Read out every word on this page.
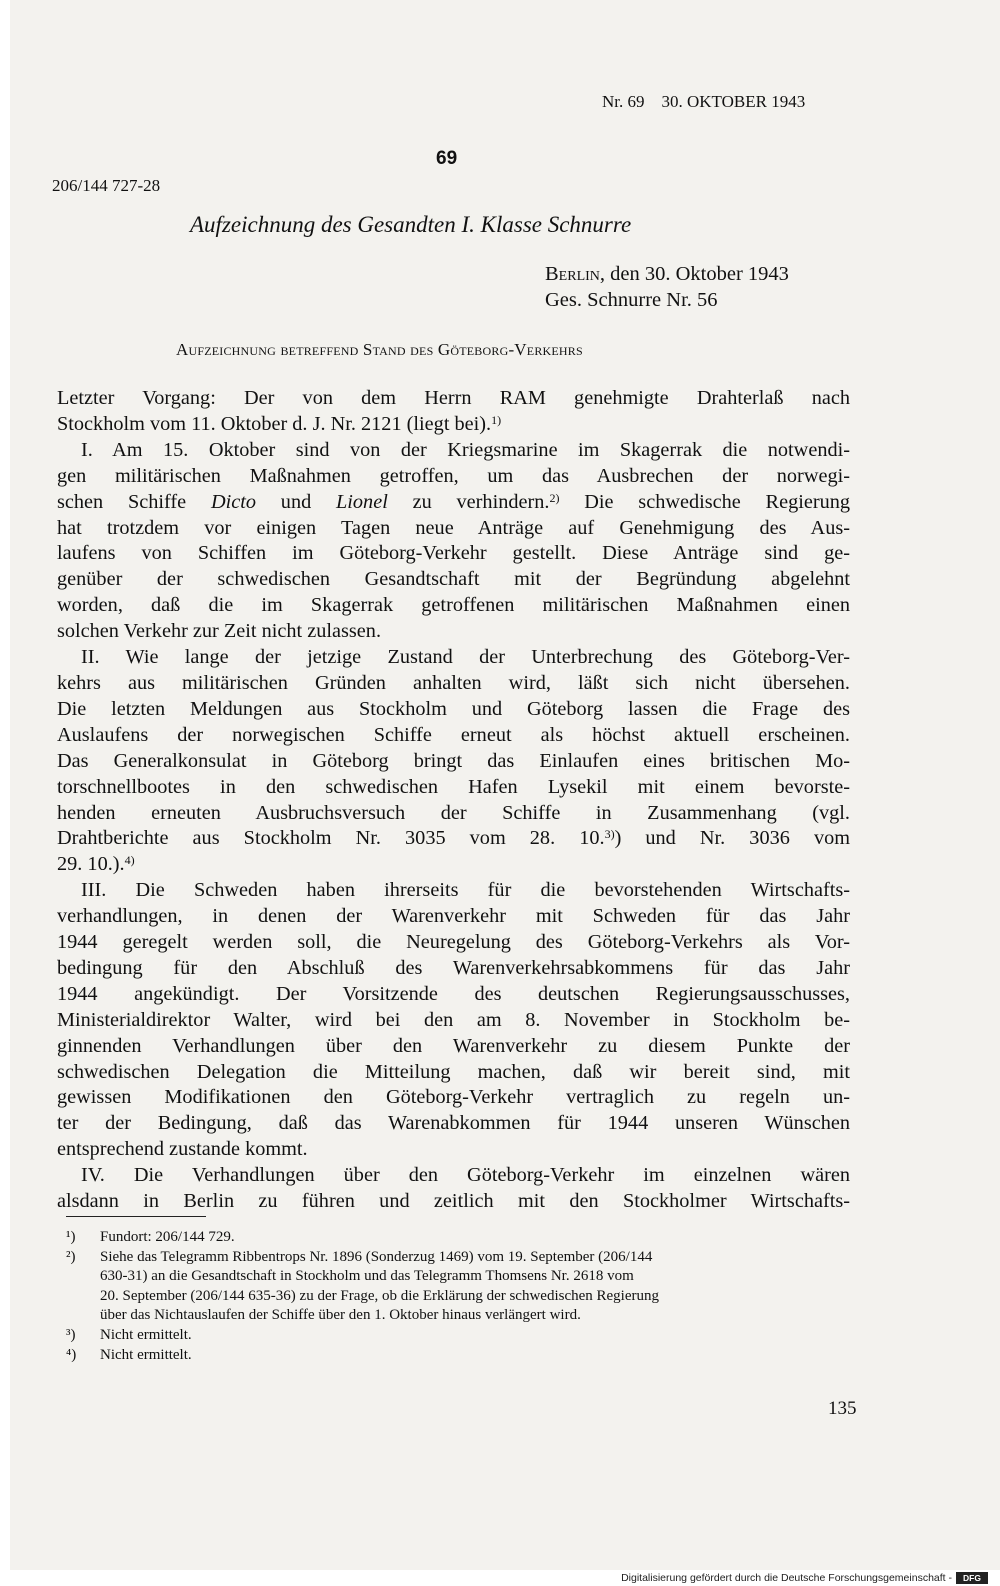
Nr. 69    30. OKTOBER 1943
69
206/144 727-28
Aufzeichnung des Gesandten I. Klasse Schnurre
Berlin, den 30. Oktober 1943
Ges. Schnurre Nr. 56
Aufzeichnung betreffend Stand des Göteborg-Verkehrs
Letzter Vorgang: Der von dem Herrn RAM genehmigte Drahterlaß nach
Stockholm vom 11. Oktober d. J. Nr. 2121 (liegt bei).$^{1)}$
I. Am 15. Oktober sind von der Kriegsmarine im Skagerrak die notwendi-
gen militärischen Maßnahmen getroffen, um das Ausbrechen der norwegi-
schen Schiffe Dicto und Lionel zu verhindern.$^{2)}$ Die schwedische Regierung
hat trotzdem vor einigen Tagen neue Anträge auf Genehmigung des Aus-
laufens von Schiffen im Göteborg-Verkehr gestellt. Diese Anträge sind ge-
genüber der schwedischen Gesandtschaft mit der Begründung abgelehnt
worden, daß die im Skagerrak getroffenen militärischen Maßnahmen einen
solchen Verkehr zur Zeit nicht zulassen.
II. Wie lange der jetzige Zustand der Unterbrechung des Göteborg-Ver-
kehrs aus militärischen Gründen anhalten wird, läßt sich nicht übersehen.
Die letzten Meldungen aus Stockholm und Göteborg lassen die Frage des
Auslaufens der norwegischen Schiffe erneut als höchst aktuell erscheinen.
Das Generalkonsulat in Göteborg bringt das Einlaufen eines britischen Mo-
torschnellbootes in den schwedischen Hafen Lysekil mit einem bevorste-
henden erneuten Ausbruchsversuch der Schiffe in Zusammenhang (vgl.
Drahtberichte aus Stockholm Nr. 3035 vom 28. 10.$^{3)}$) und Nr. 3036 vom
29. 10.).$^{4)}$
III. Die Schweden haben ihrerseits für die bevorstehenden Wirtschafts-
verhandlungen, in denen der Warenverkehr mit Schweden für das Jahr
1944 geregelt werden soll, die Neuregelung des Göteborg-Verkehrs als Vor-
bedingung für den Abschluß des Warenverkehrsabkommens für das Jahr
1944 angekündigt. Der Vorsitzende des deutschen Regierungsausschusses,
Ministerialdirektor Walter, wird bei den am 8. November in Stockholm be-
ginnenden Verhandlungen über den Warenverkehr zu diesem Punkte der
schwedischen Delegation die Mitteilung machen, daß wir bereit sind, mit
gewissen Modifikationen den Göteborg-Verkehr vertraglich zu regeln un-
ter der Bedingung, daß das Warenabkommen für 1944 unseren Wünschen
entsprechend zustande kommt.
IV. Die Verhandlungen über den Göteborg-Verkehr im einzelnen wären
alsdann in Berlin zu führen und zeitlich mit den Stockholmer Wirtschafts-
¹)	Fundort: 206/144 729.
²)	Siehe das Telegramm Ribbentrops Nr. 1896 (Sonderzug 1469) vom 19. September (206/144
630-31) an die Gesandtschaft in Stockholm und das Telegramm Thomsens Nr. 2618 vom
20. September (206/144 635-36) zu der Frage, ob die Erklärung der schwedischen Regierung
über das Nichtauslaufen der Schiffe über den 1. Oktober hinaus verlängert wird.
³)	Nicht ermittelt.
⁴)	Nicht ermittelt.
135
Digitalisierung gefördert durch die Deutsche Forschungsgemeinschaft -	DFG
